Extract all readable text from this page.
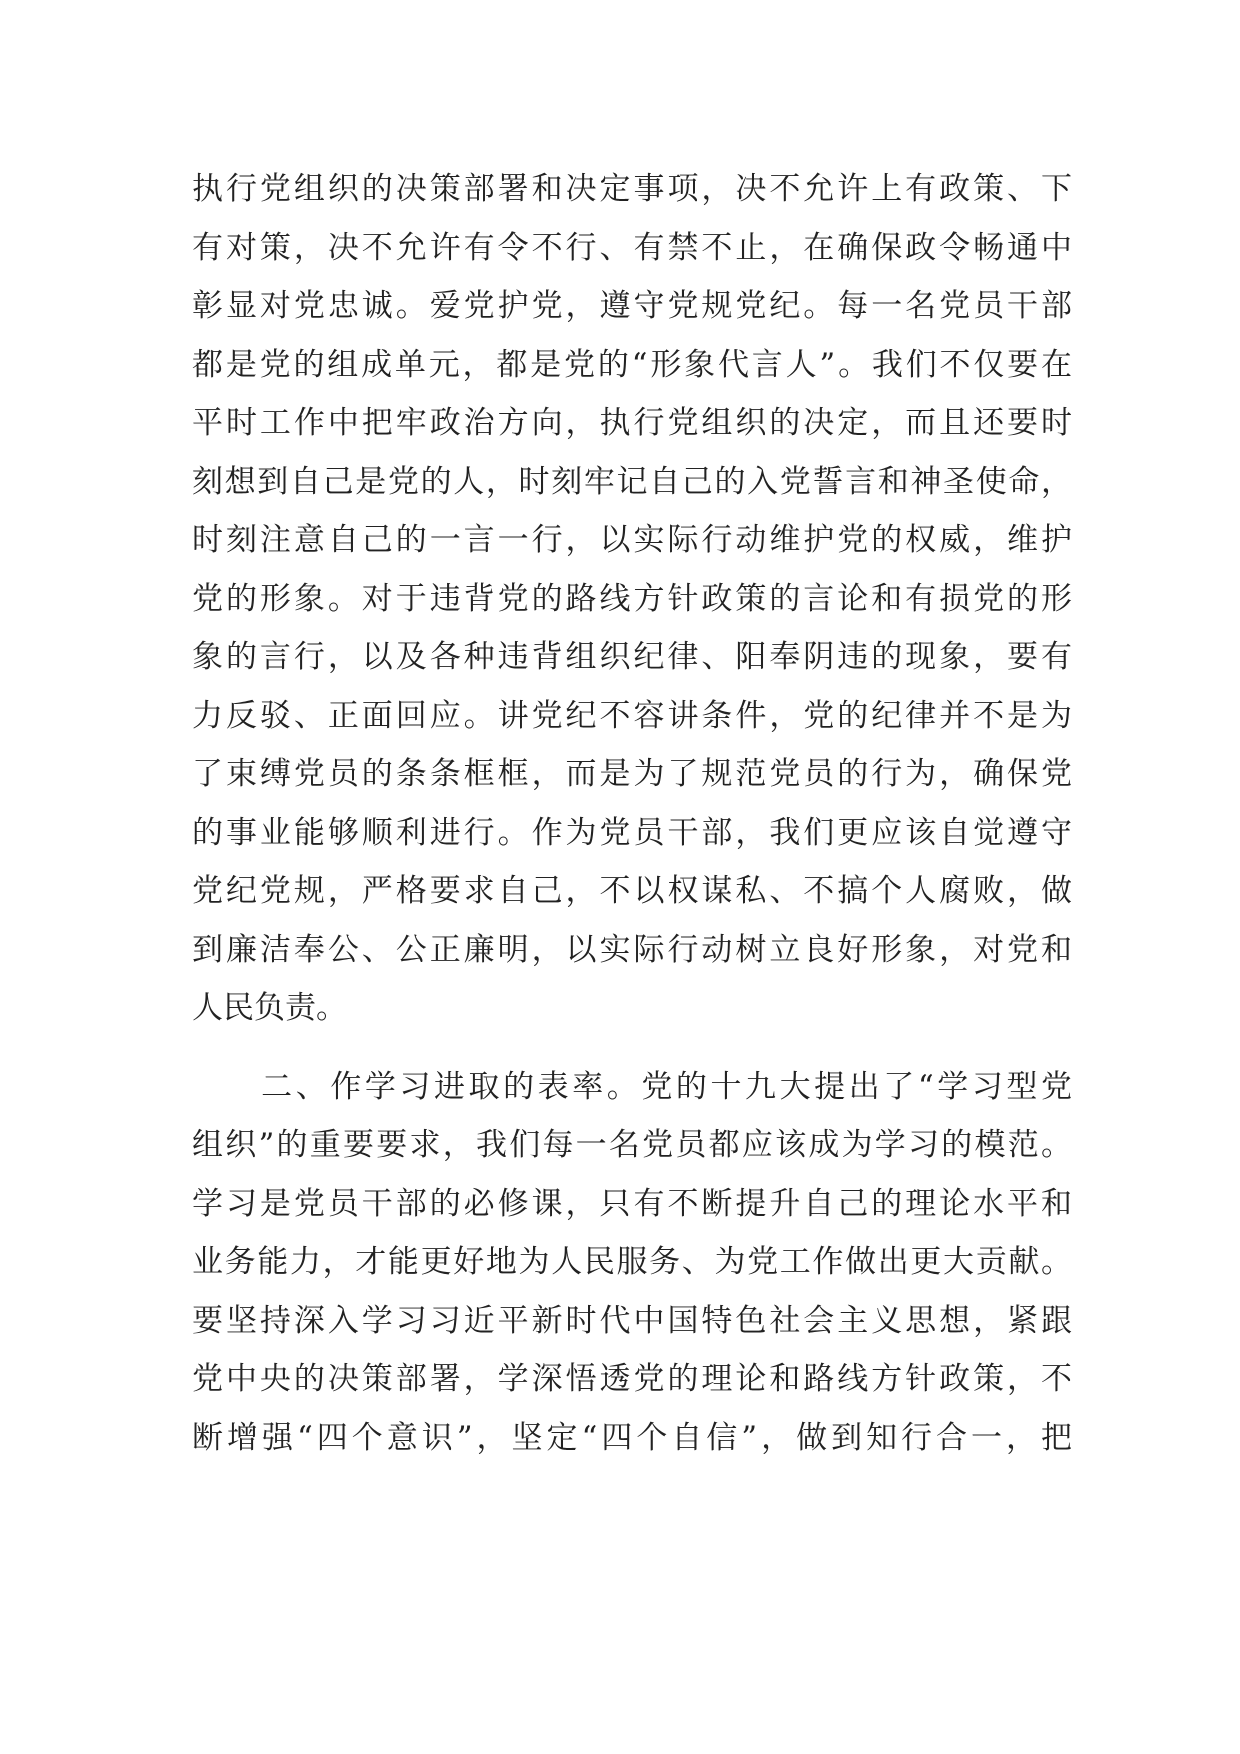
执行党组织的决策部署和决定事项，决不允许上有政策、下
有对策，决不允许有令不行、有禁不止，在确保政令畅通中
彰显对党忠诚。爱党护党，遵守党规党纪。每一名党员干部
都是党的组成单元，都是党的“形象代言人”。我们不仅要在
平时工作中把牢政治方向，执行党组织的决定，而且还要时
刻想到自己是党的人，时刻牢记自己的入党誓言和神圣使命，
时刻注意自己的一言一行，以实际行动维护党的权威，维护
党的形象。对于违背党的路线方针政策的言论和有损党的形
象的言行，以及各种违背组织纪律、阳奉阴违的现象，要有
力反驳、正面回应。讲党纪不容讲条件，党的纪律并不是为
了束缚党员的条条框框，而是为了规范党员的行为，确保党
的事业能够顺利进行。作为党员干部，我们更应该自觉遵守
党纪党规，严格要求自己，不以权谋私、不搞个人腐败，做
到廉洁奉公、公正廉明，以实际行动树立良好形象，对党和
人民负责。
　　二、作学习进取的表率。党的十九大提出了“学习型党
组织”的重要要求，我们每一名党员都应该成为学习的模范。
学习是党员干部的必修课，只有不断提升自己的理论水平和
业务能力，才能更好地为人民服务、为党工作做出更大贡献。
要坚持深入学习习近平新时代中国特色社会主义思想，紧跟
党中央的决策部署，学深悟透党的理论和路线方针政策，不
断增强“四个意识”，坚定“四个自信”，做到知行合一，把
